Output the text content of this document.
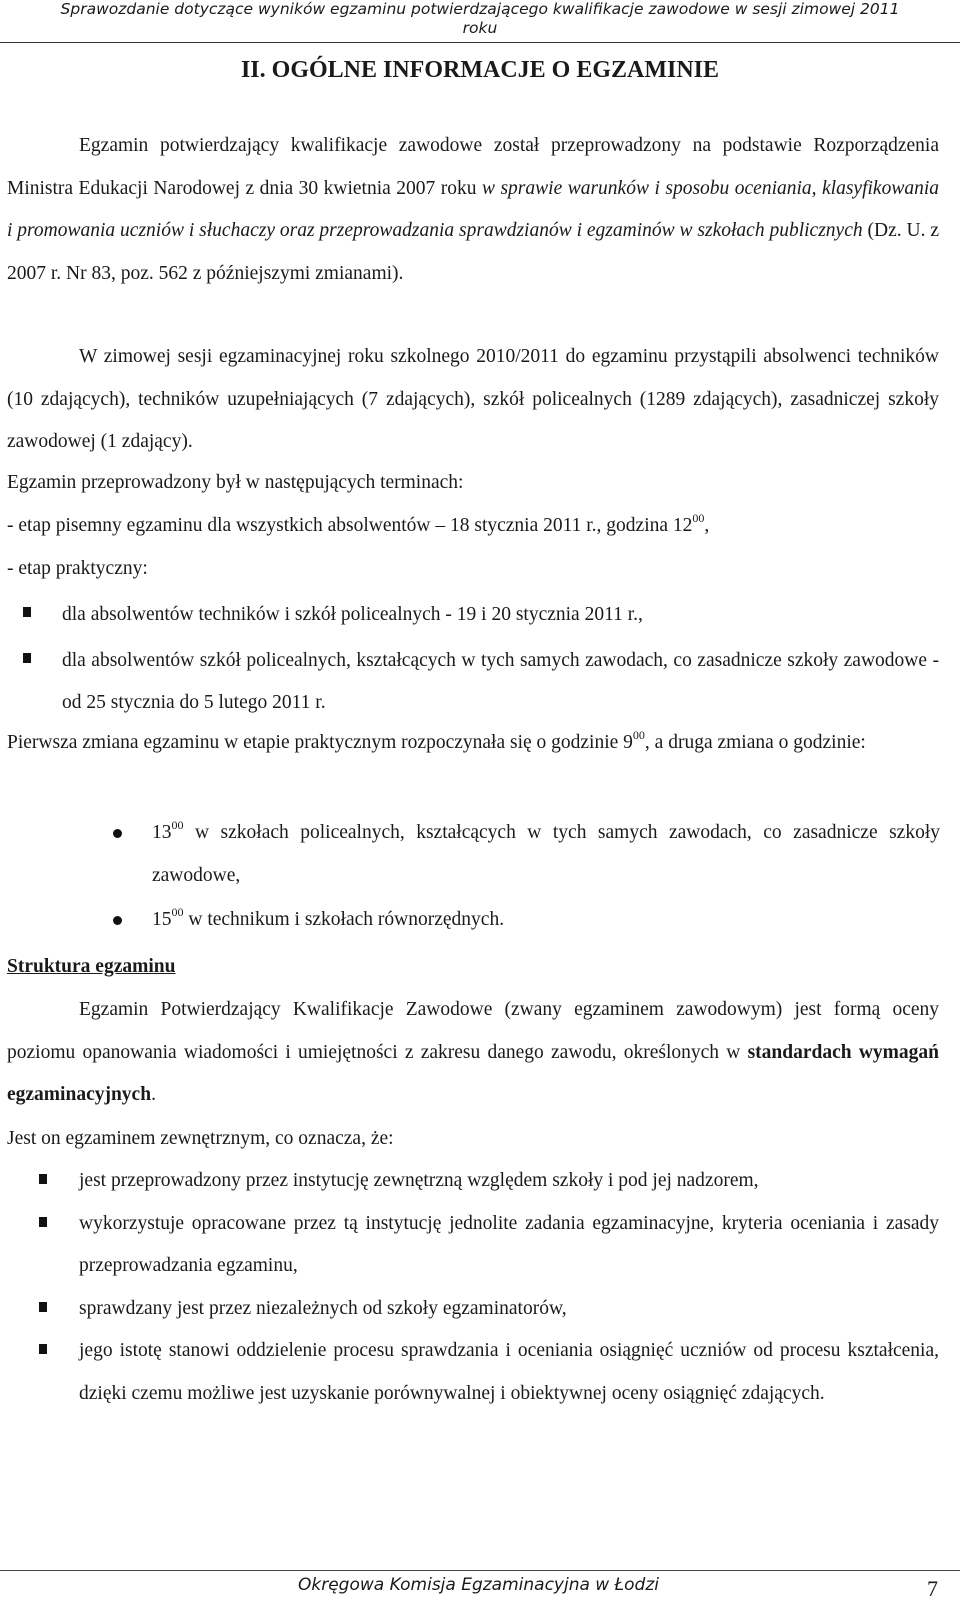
Sprawozdanie dotyczące wyników egzaminu potwierdzającego kwalifikacje zawodowe w sesji zimowej 2011
roku
II. OGÓLNE INFORMACJE O EGZAMINIE
Egzamin potwierdzający kwalifikacje zawodowe został przeprowadzony na podstawie Rozporządzenia Ministra Edukacji Narodowej z dnia 30 kwietnia 2007 roku w sprawie warunków i sposobu oceniania, klasyfikowania i promowania uczniów i słuchaczy oraz przeprowadzania sprawdzianów i egzaminów w szkołach publicznych (Dz. U. z 2007 r. Nr 83, poz. 562 z późniejszymi zmianami).
W zimowej sesji egzaminacyjnej roku szkolnego 2010/2011 do egzaminu przystąpili absolwenci techników (10 zdających), techników uzupełniających (7 zdających), szkół policealnych (1289 zdających), zasadniczej szkoły zawodowej (1 zdający).
Egzamin przeprowadzony był w następujących terminach:
- etap pisemny egzaminu dla wszystkich absolwentów – 18 stycznia 2011 r., godzina $12^{00}$,
- etap praktyczny:
dla absolwentów techników i szkół policealnych - 19 i 20 stycznia 2011 r.,
dla absolwentów szkół policealnych, kształcących w tych samych zawodach, co zasadnicze szkoły zawodowe - od 25 stycznia do 5 lutego 2011 r.
Pierwsza zmiana egzaminu w etapie praktycznym rozpoczynała się o godzinie $9^{00}$, a druga zmiana o godzinie:
$13^{00}$ w szkołach policealnych, kształcących w tych samych zawodach, co zasadnicze szkoły zawodowe,
$15^{00}$ w technikum i szkołach równorzędnych.
Struktura egzaminu
Egzamin Potwierdzający Kwalifikacje Zawodowe (zwany egzaminem zawodowym) jest formą oceny poziomu opanowania wiadomości i umiejętności z zakresu danego zawodu, określonych w standardach wymagań egzaminacyjnych.
Jest on egzaminem zewnętrznym, co oznacza, że:
jest przeprowadzony przez instytucję zewnętrzną względem szkoły i pod jej nadzorem,
wykorzystuje opracowane przez tą instytucję jednolite zadania egzaminacyjne, kryteria oceniania i zasady przeprowadzania egzaminu,
sprawdzany jest przez niezależnych od szkoły egzaminatorów,
jego istotę stanowi oddzielenie procesu sprawdzania i oceniania osiągnięć uczniów od procesu kształcenia, dzięki czemu możliwe jest uzyskanie porównywalnej i obiektywnej oceny osiągnięć zdających.
Okręgowa Komisja Egzaminacyjna w Łodzi	7
